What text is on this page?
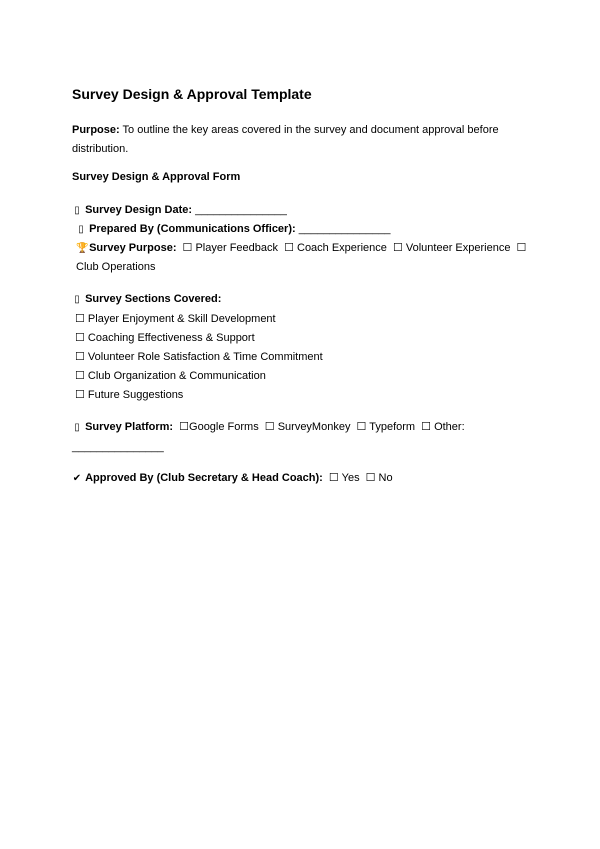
Survey Design & Approval Template
Purpose: To outline the key areas covered in the survey and document approval before distribution.
Survey Design & Approval Form
▯ Survey Design Date: _______________
▯ Prepared By (Communications Officer): _______________
🏆 Survey Purpose: ☐ Player Feedback ☐ Coach Experience ☐ Volunteer Experience ☐ Club Operations
▯ Survey Sections Covered:
☐ Player Enjoyment & Skill Development
☐ Coaching Effectiveness & Support
☐ Volunteer Role Satisfaction & Time Commitment
☐ Club Organization & Communication
☐ Future Suggestions
▯ Survey Platform: ☐Google Forms ☐ SurveyMonkey ☐ Typeform ☐ Other:
_______________
✔ Approved By (Club Secretary & Head Coach): ☐ Yes ☐ No
